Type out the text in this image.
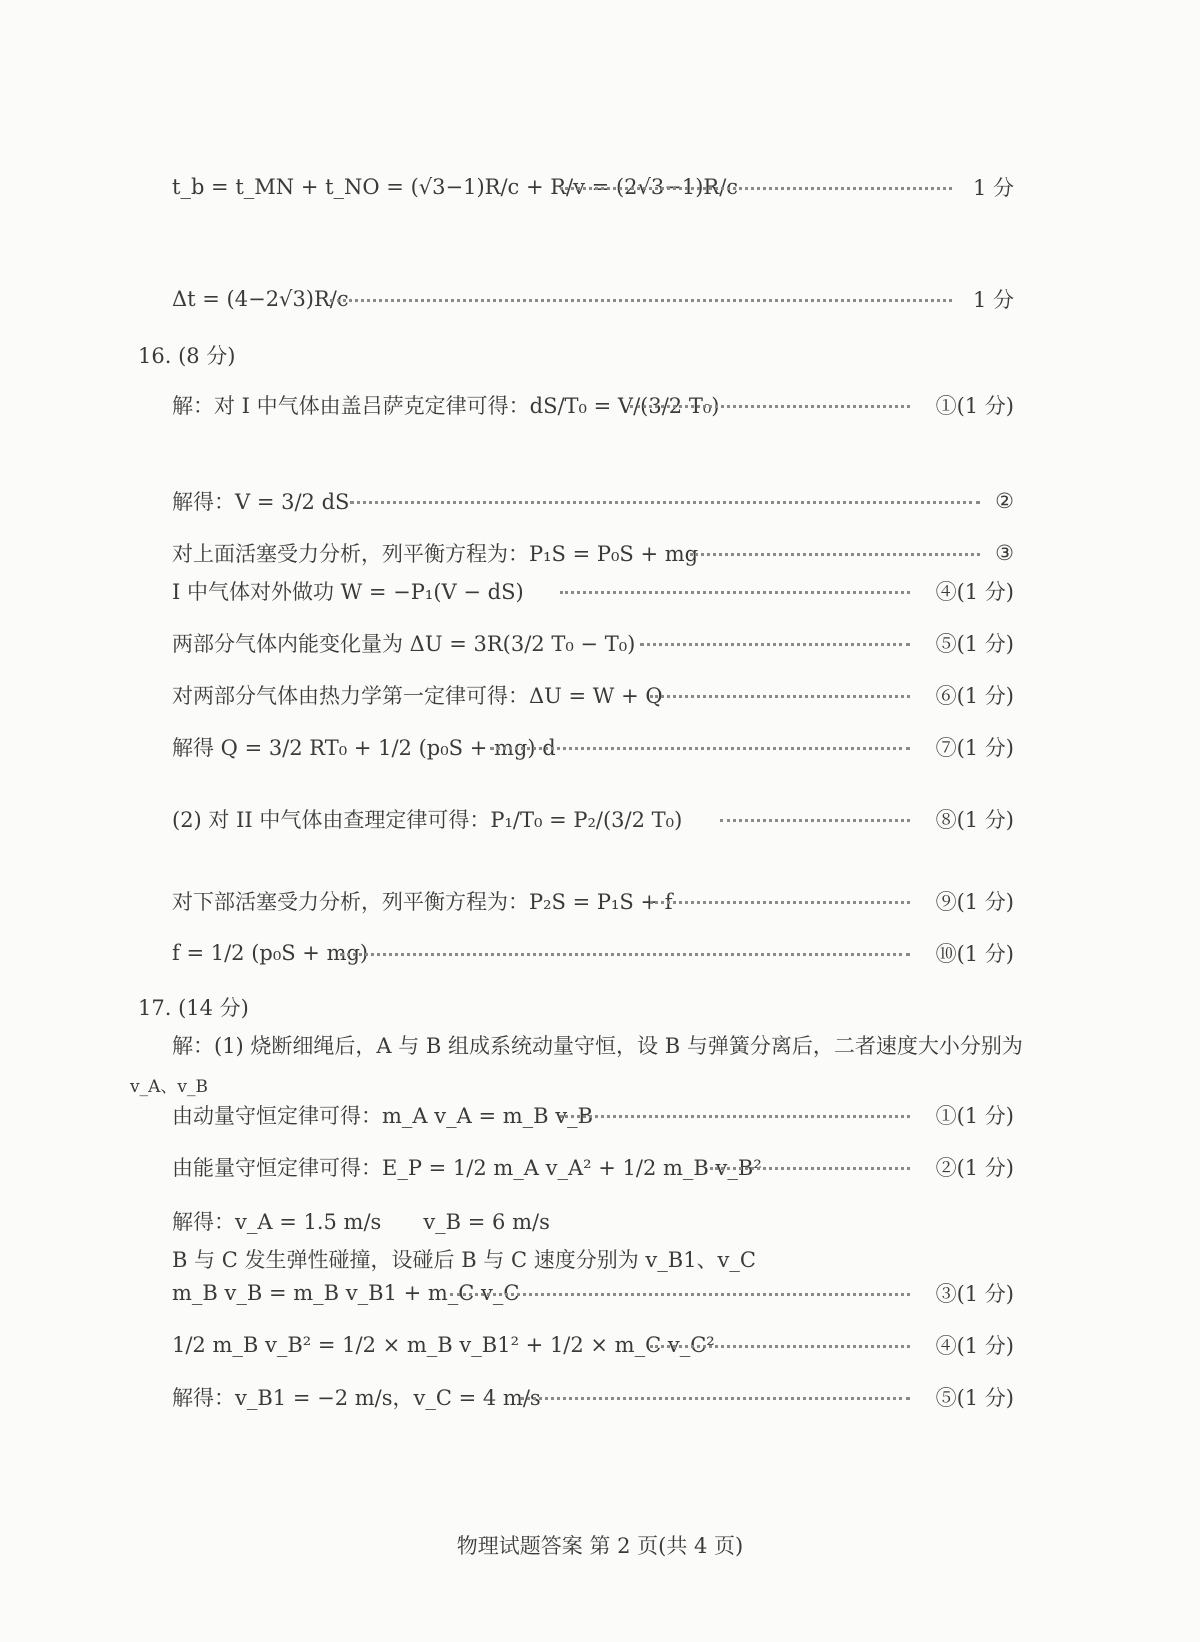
t_b = t_MN + t_NO = (√3−1)R/c + R/v = (2√3−1)R/c	1 分
Δt = (4−2√3)R/c	1 分
16. (8 分)
解：对 I 中气体由盖吕萨克定律可得：dS/T₀ = V/(3/2 T₀)	①(1 分)
解得：V = 3/2 dS	②
对上面活塞受力分析，列平衡方程为：P₁S = P₀S + mg	③
I 中气体对外做功 W = −P₁(V − dS)	④(1 分)
两部分气体内能变化量为 ΔU = 3R(3/2 T₀ − T₀)	⑤(1 分)
对两部分气体由热力学第一定律可得：ΔU = W + Q	⑥(1 分)
解得 Q = 3/2 RT₀ + 1/2 (p₀S + mg) d	⑦(1 分)
(2) 对 II 中气体由查理定律可得：P₁/T₀ = P₂/(3/2 T₀)	⑧(1 分)
对下部活塞受力分析，列平衡方程为：P₂S = P₁S + f	⑨(1 分)
f = 1/2 (p₀S + mg)	⑩(1 分)
17. (14 分)
解：(1) 烧断细绳后，A 与 B 组成系统动量守恒，设 B 与弹簧分离后，二者速度大小分别为
v_A、v_B
由动量守恒定律可得：m_A v_A = m_B v_B	①(1 分)
由能量守恒定律可得：E_P = 1/2 m_A v_A² + 1/2 m_B v_B²	②(1 分)
解得：v_A = 1.5 m/s　　v_B = 6 m/s
B 与 C 发生弹性碰撞，设碰后 B 与 C 速度分别为 v_B1、v_C
m_B v_B = m_B v_B1 + m_C v_C	③(1 分)
1/2 m_B v_B² = 1/2 × m_B v_B1² + 1/2 × m_C v_C²	④(1 分)
解得：v_B1 = −2 m/s，v_C = 4 m/s	⑤(1 分)
物理试题答案 第 2 页(共 4 页)
